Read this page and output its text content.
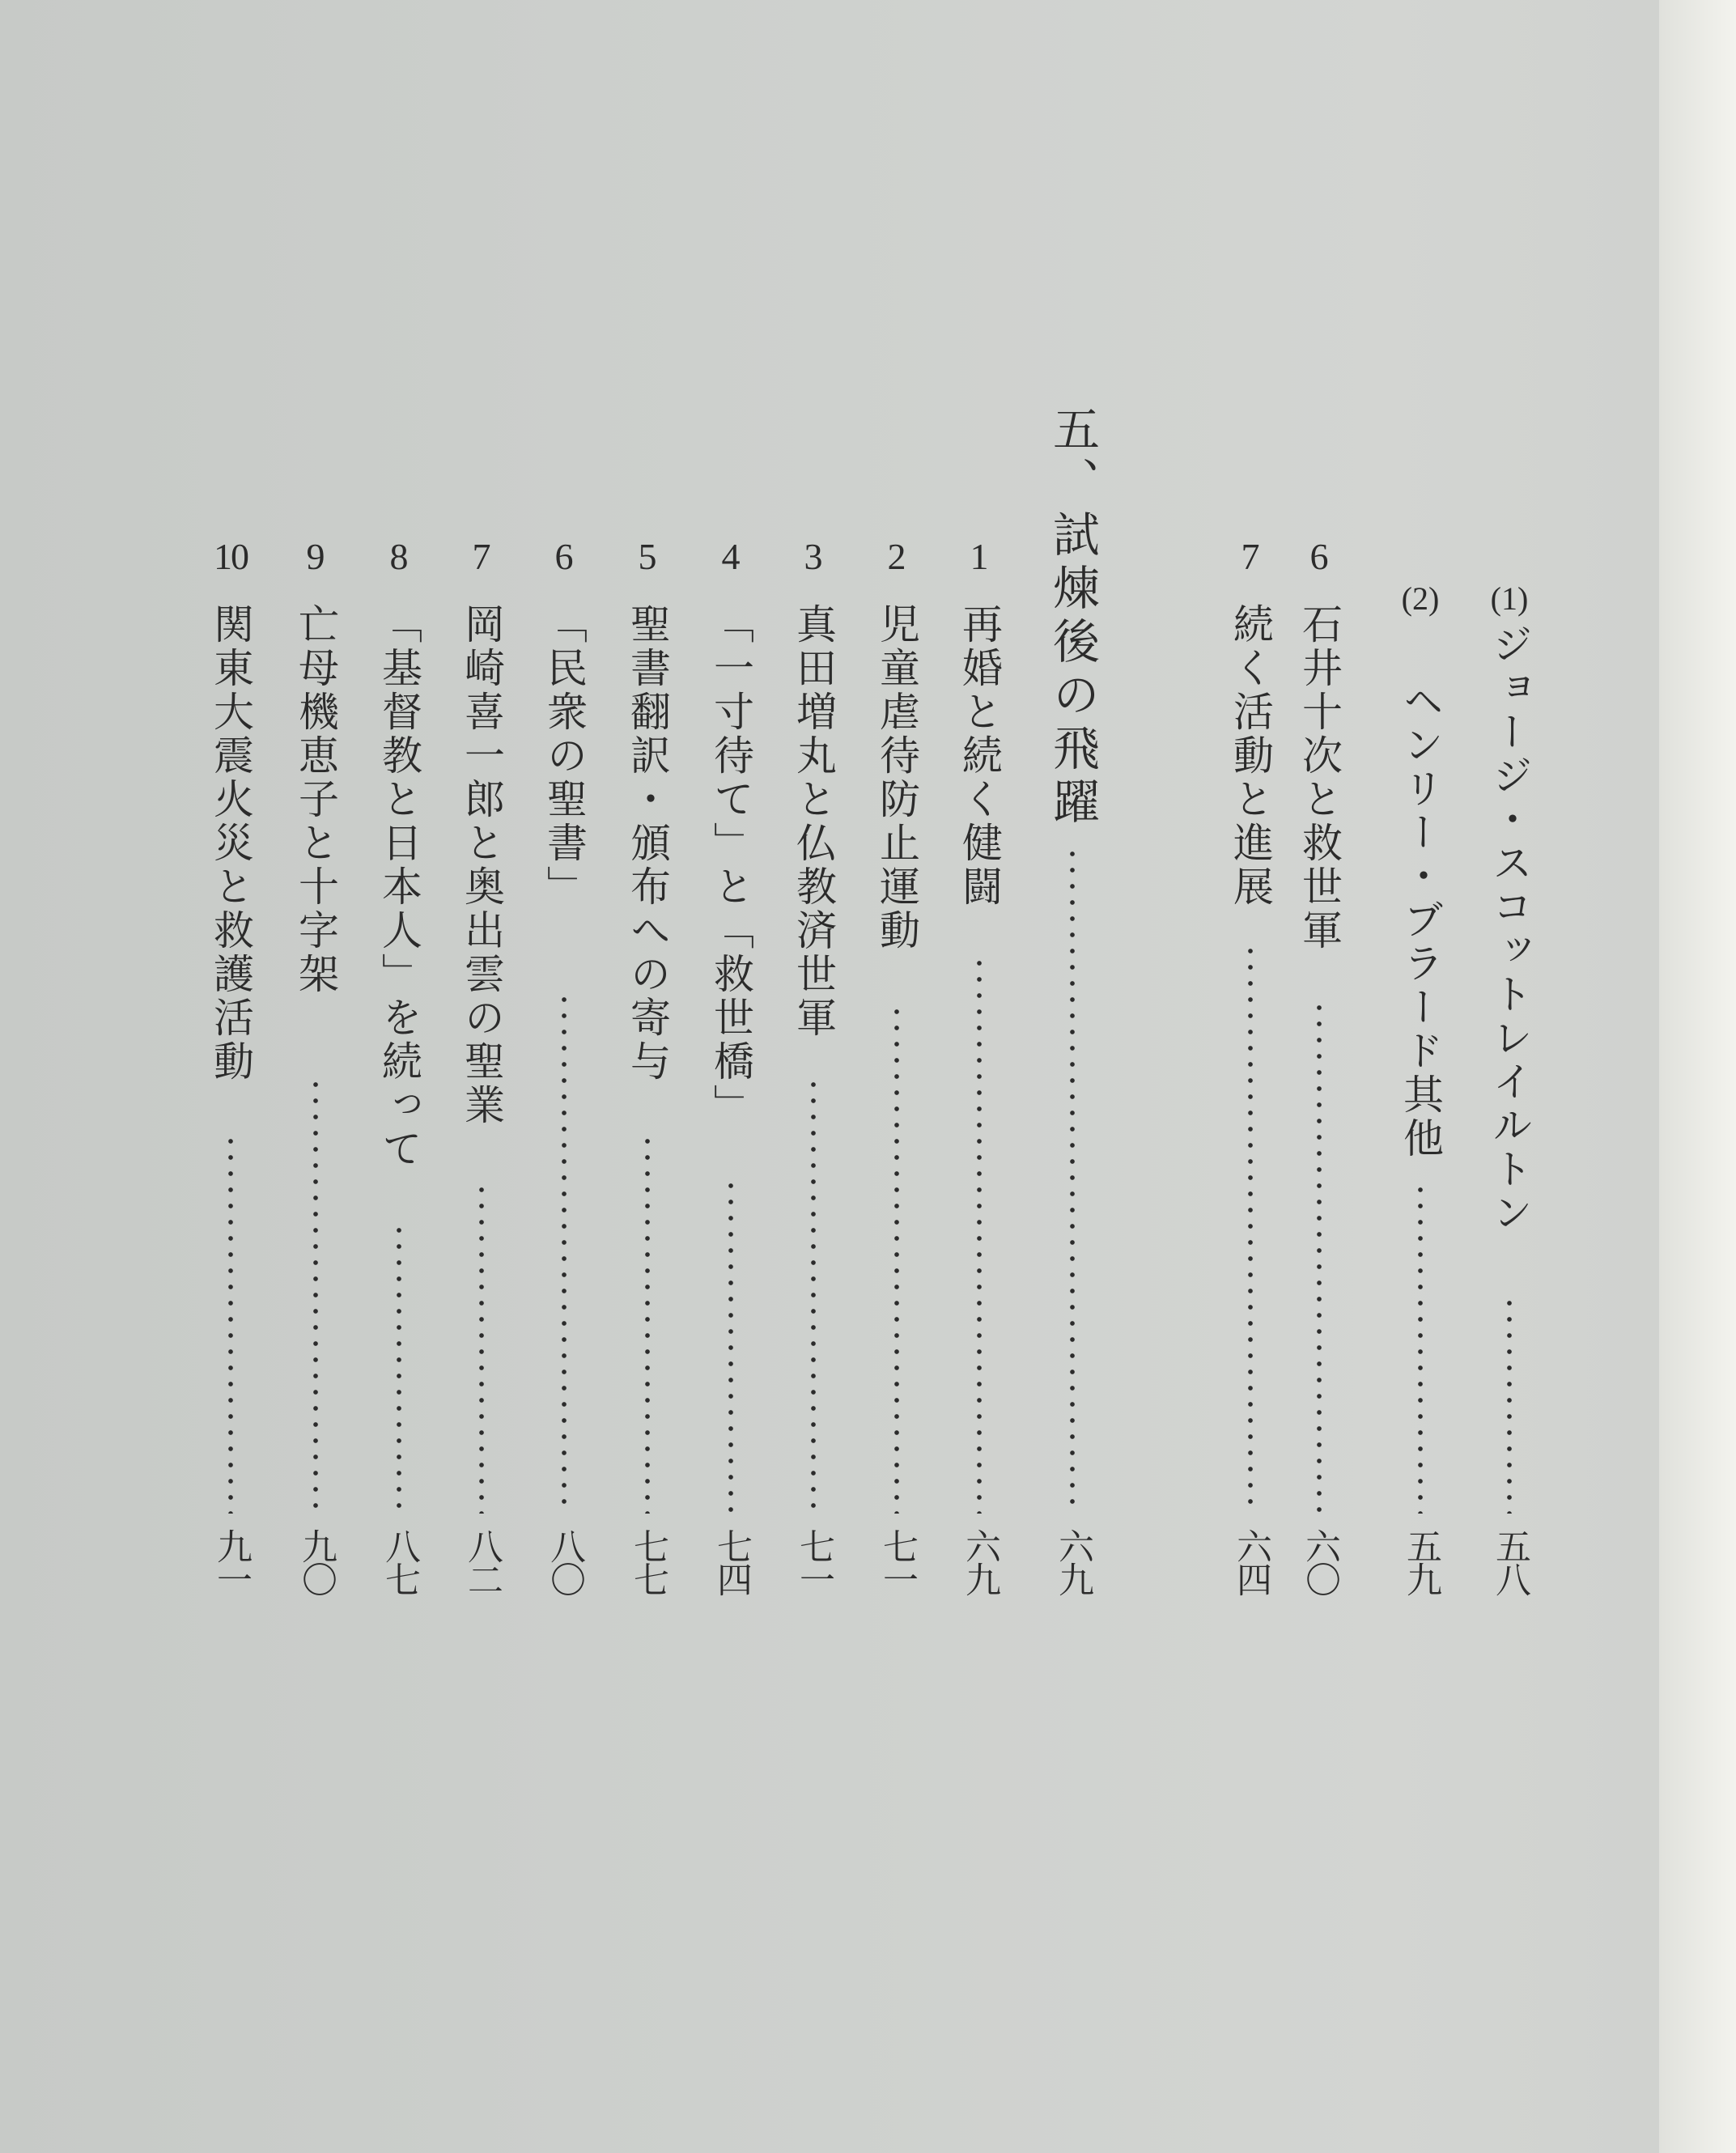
(1)
ジョージ・スコットレイルトン
五八
(2)
ヘンリー・ブラード其他
五九
6
石井十次と救世軍
六〇
7
続く活動と進展
六四
五、
試煉後の飛躍
六九
1
再婚と続く健闘
六九
2
児童虐待防止運動
七一
3
真田増丸と仏教済世軍
七一
4
「一寸待て」と「救世橋」
七四
5
聖書翻訳・頒布への寄与
七七
6
「民衆の聖書」
八〇
7
岡崎喜一郎と奥出雲の聖業
八二
8
「基督教と日本人」を続って
八七
9
亡母機恵子と十字架
九〇
10
関東大震火災と救護活動
九一
